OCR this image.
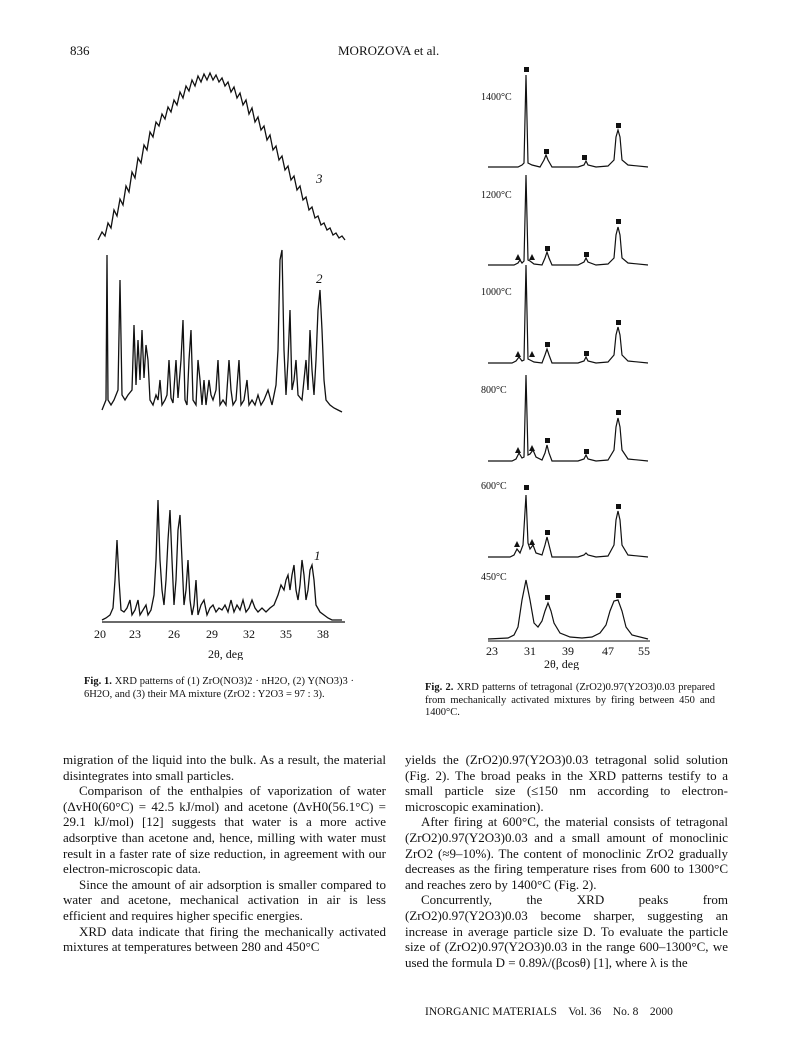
836	MOROZOVA et al.
3
2
1
20 23 26 29 32 35 38
2θ, deg
Fig. 1. XRD patterns of (1) ZrO(NO3)2 · nH2O, (2) Y(NO3)3 · 6H2O, and (3) their MA mixture (ZrO2 : Y2O3 = 97 : 3).
1400°C
1200°C
1000°C
800°C
600°C
450°C
23 31 39 47 55
2θ, deg
Fig. 2. XRD patterns of tetragonal (ZrO2)0.97(Y2O3)0.03 prepared from mechanically activated mixtures by firing between 450 and 1400°C.

migration of the liquid into the bulk. As a result, the material disintegrates into small particles.

Comparison of the enthalpies of vaporization of water (ΔvH0(60°C) = 42.5 kJ/mol) and acetone (ΔvH0(56.1°C) = 29.1 kJ/mol) [12] suggests that water is a more active adsorptive than acetone and, hence, milling with water must result in a faster rate of size reduction, in agreement with our electron-microscopic data.

Since the amount of air adsorption is smaller compared to water and acetone, mechanical activation in air is less efficient and requires higher specific energies.

XRD data indicate that firing the mechanically activated mixtures at temperatures between 280 and 450°C

yields the (ZrO2)0.97(Y2O3)0.03 tetragonal solid solution (Fig. 2). The broad peaks in the XRD patterns testify to a small particle size (≤150 nm according to electron-microscopic examination).

After firing at 600°C, the material consists of tetragonal (ZrO2)0.97(Y2O3)0.03 and a small amount of monoclinic ZrO2 (≈9–10%). The content of monoclinic ZrO2 gradually decreases as the firing temperature rises from 600 to 1300°C and reaches zero by 1400°C (Fig. 2).

Concurrently, the XRD peaks from (ZrO2)0.97(Y2O3)0.03 become sharper, suggesting an increase in average particle size D. To evaluate the particle size of (ZrO2)0.97(Y2O3)0.03 in the range 600–1300°C, we used the formula D = 0.89λ/(βcosθ) [1], where λ is the

INORGANIC MATERIALS Vol. 36 No. 8 2000
